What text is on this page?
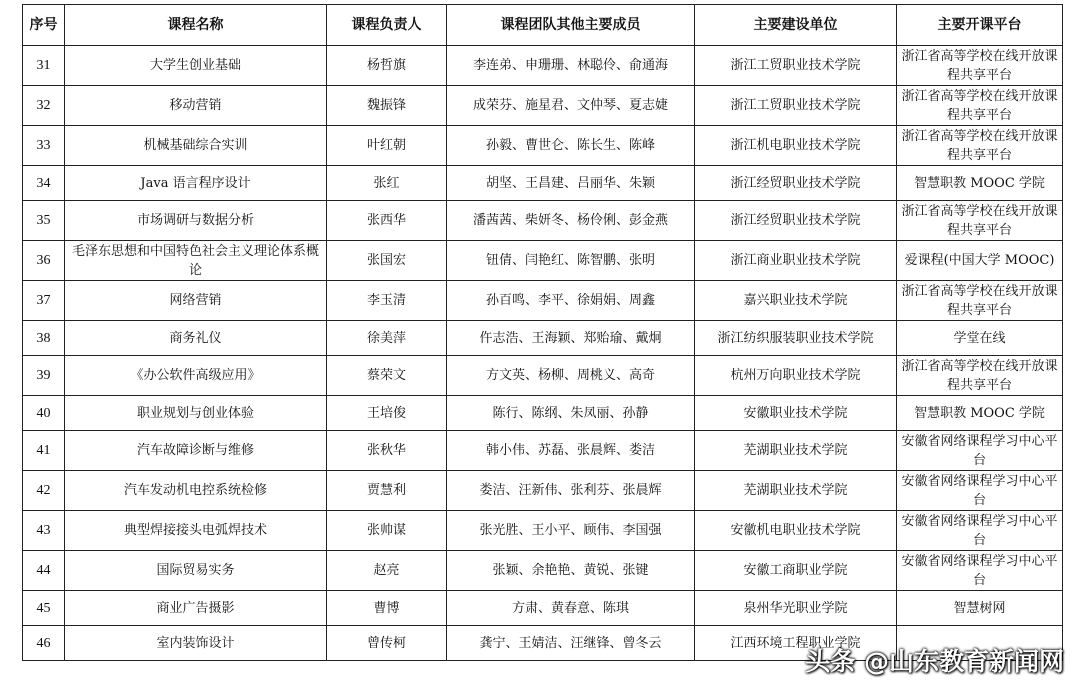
序号	课程名称	课程负责人	课程团队其他主要成员	主要建设单位	主要开课平台
31	大学生创业基础	杨哲旗	李连弟、申珊珊、林聪伶、俞通海	浙江工贸职业技术学院	浙江省高等学校在线开放课程共享平台
32	移动营销	魏振锋	成荣芬、施星君、文仲琴、夏志婕	浙江工贸职业技术学院	浙江省高等学校在线开放课程共享平台
33	机械基础综合实训	叶红朝	孙毅、曹世仑、陈长生、陈峰	浙江机电职业技术学院	浙江省高等学校在线开放课程共享平台
34	Java 语言程序设计	张红	胡坚、王昌建、吕丽华、朱颖	浙江经贸职业技术学院	智慧职教 MOOC 学院
35	市场调研与数据分析	张西华	潘茜茜、柴妍冬、杨伶俐、彭金燕	浙江经贸职业技术学院	浙江省高等学校在线开放课程共享平台
36	毛泽东思想和中国特色社会主义理论体系概论	张国宏	钮倩、闫艳红、陈智鹏、张明	浙江商业职业技术学院	爱课程(中国大学 MOOC)
37	网络营销	李玉清	孙百鸣、李平、徐娟娟、周鑫	嘉兴职业技术学院	浙江省高等学校在线开放课程共享平台
38	商务礼仪	徐美萍	仵志浩、王海颖、郑贻瑜、戴炯	浙江纺织服装职业技术学院	学堂在线
39	《办公软件高级应用》	蔡荣文	方文英、杨柳、周桃义、高奇	杭州万向职业技术学院	浙江省高等学校在线开放课程共享平台
40	职业规划与创业体验	王培俊	陈行、陈纲、朱凤丽、孙静	安徽职业技术学院	智慧职教 MOOC 学院
41	汽车故障诊断与维修	张秋华	韩小伟、苏磊、张晨辉、娄洁	芜湖职业技术学院	安徽省网络课程学习中心平台
42	汽车发动机电控系统检修	贾慧利	娄洁、汪新伟、张利芬、张晨辉	芜湖职业技术学院	安徽省网络课程学习中心平台
43	典型焊接接头电弧焊技术	张帅谋	张光胜、王小平、顾伟、李国强	安徽机电职业技术学院	安徽省网络课程学习中心平台
44	国际贸易实务	赵亮	张颖、余艳艳、黄锐、张键	安徽工商职业学院	安徽省网络课程学习中心平台
45	商业广告摄影	曹博	方肃、黄春意、陈琪	泉州华光职业学院	智慧树网
46	室内装饰设计	曾传柯	龚宁、王婧洁、汪继锋、曾冬云	江西环境工程职业学院	
头条 @山东教育新闻网
